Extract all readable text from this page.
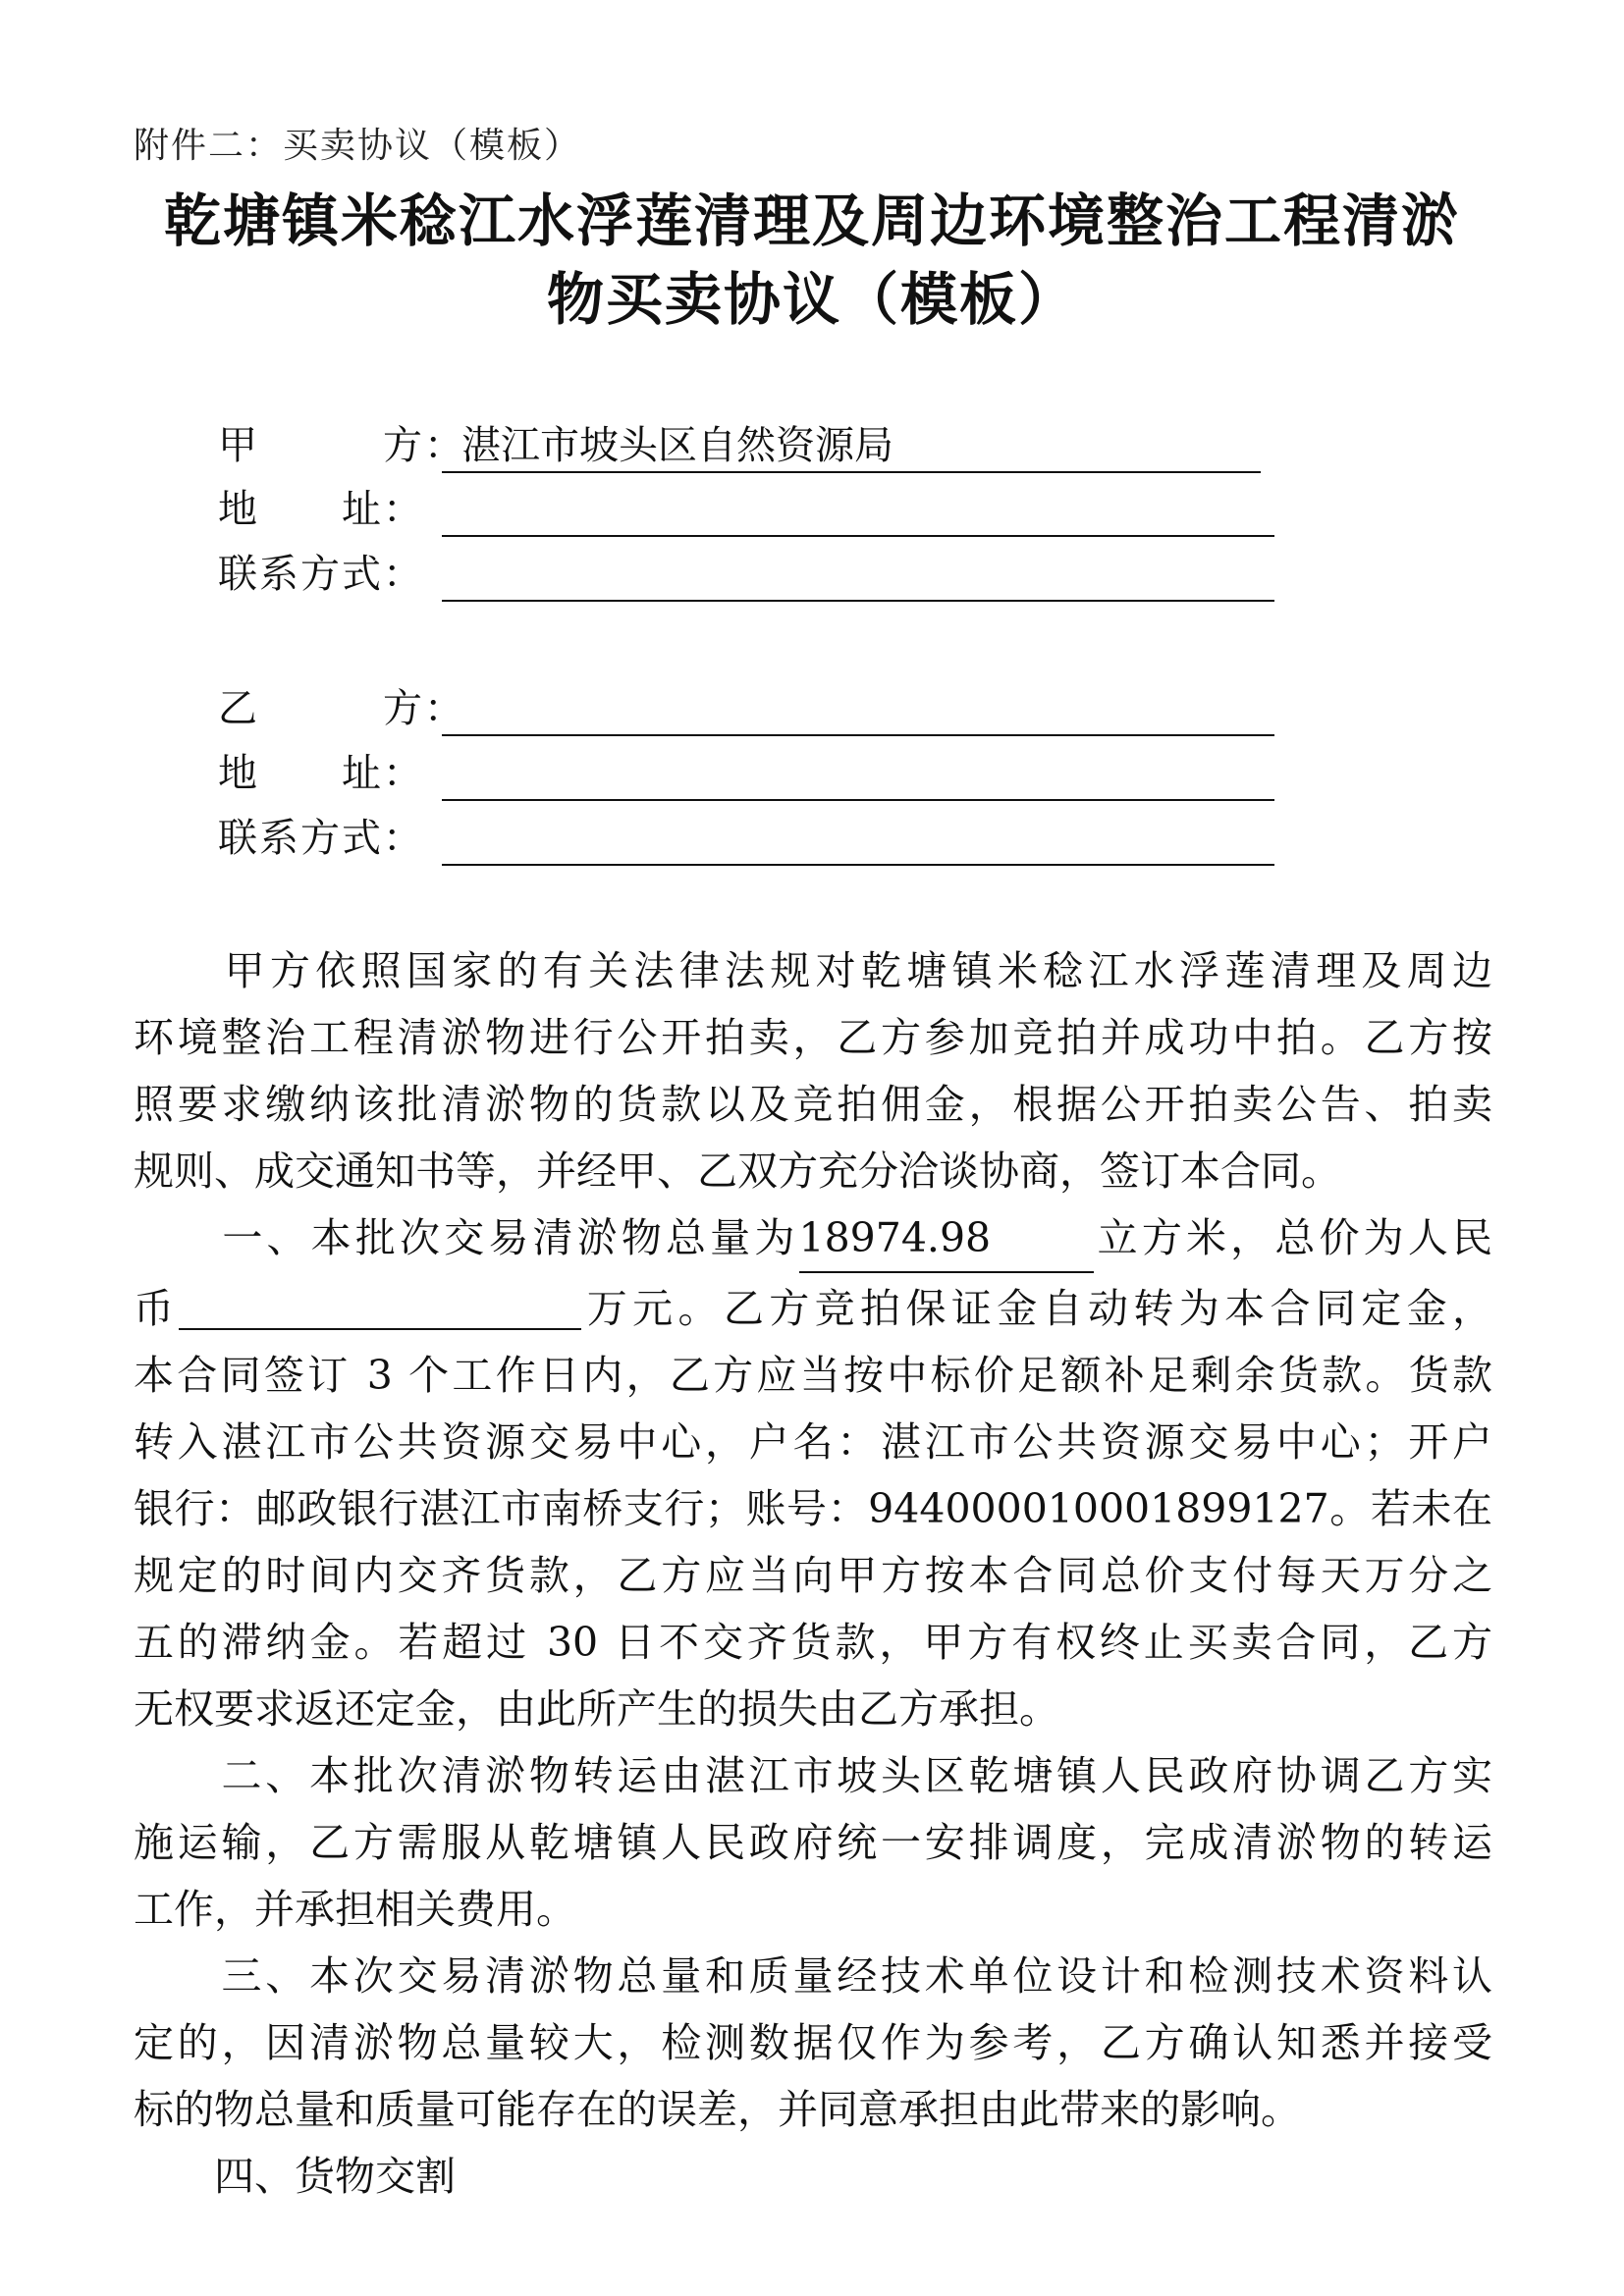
附件二：买卖协议（模板）
乾塘镇米稔江水浮莲清理及周边环境整治工程清淤
物买卖协议（模板）
甲　　　方：
湛江市坡头区自然资源局
地　　址：
联系方式：
乙　　　方：
地　　址：
联系方式：

　　甲方依照国家的有关法律法规对乾塘镇米稔江水浮莲清理及周边

环境整治工程清淤物进行公开拍卖，乙方参加竞拍并成功中拍。乙方按

照要求缴纳该批清淤物的货款以及竞拍佣金，根据公开拍卖公告、拍卖

规则、成交通知书等，并经甲、乙双方充分洽谈协商，签订本合同。

　　一、本批次交易清淤物总量为18974.98	立方米，总价为人民

币	万元。乙方竞拍保证金自动转为本合同定金，

本合同签订 3 个工作日内，乙方应当按中标价足额补足剩余货款。货款

转入湛江市公共资源交易中心，户名：湛江市公共资源交易中心；开户

银行：邮政银行湛江市南桥支行；账号：944000010001899127。若未在

规定的时间内交齐货款，乙方应当向甲方按本合同总价支付每天万分之

五的滞纳金。若超过 30 日不交齐货款，甲方有权终止买卖合同，乙方

无权要求返还定金，由此所产生的损失由乙方承担。

　　二、本批次清淤物转运由湛江市坡头区乾塘镇人民政府协调乙方实

施运输，乙方需服从乾塘镇人民政府统一安排调度，完成清淤物的转运

工作，并承担相关费用。

　　三、本次交易清淤物总量和质量经技术单位设计和检测技术资料认

定的，因清淤物总量较大，检测数据仅作为参考，乙方确认知悉并接受

标的物总量和质量可能存在的误差，并同意承担由此带来的影响。

　　四、货物交割
